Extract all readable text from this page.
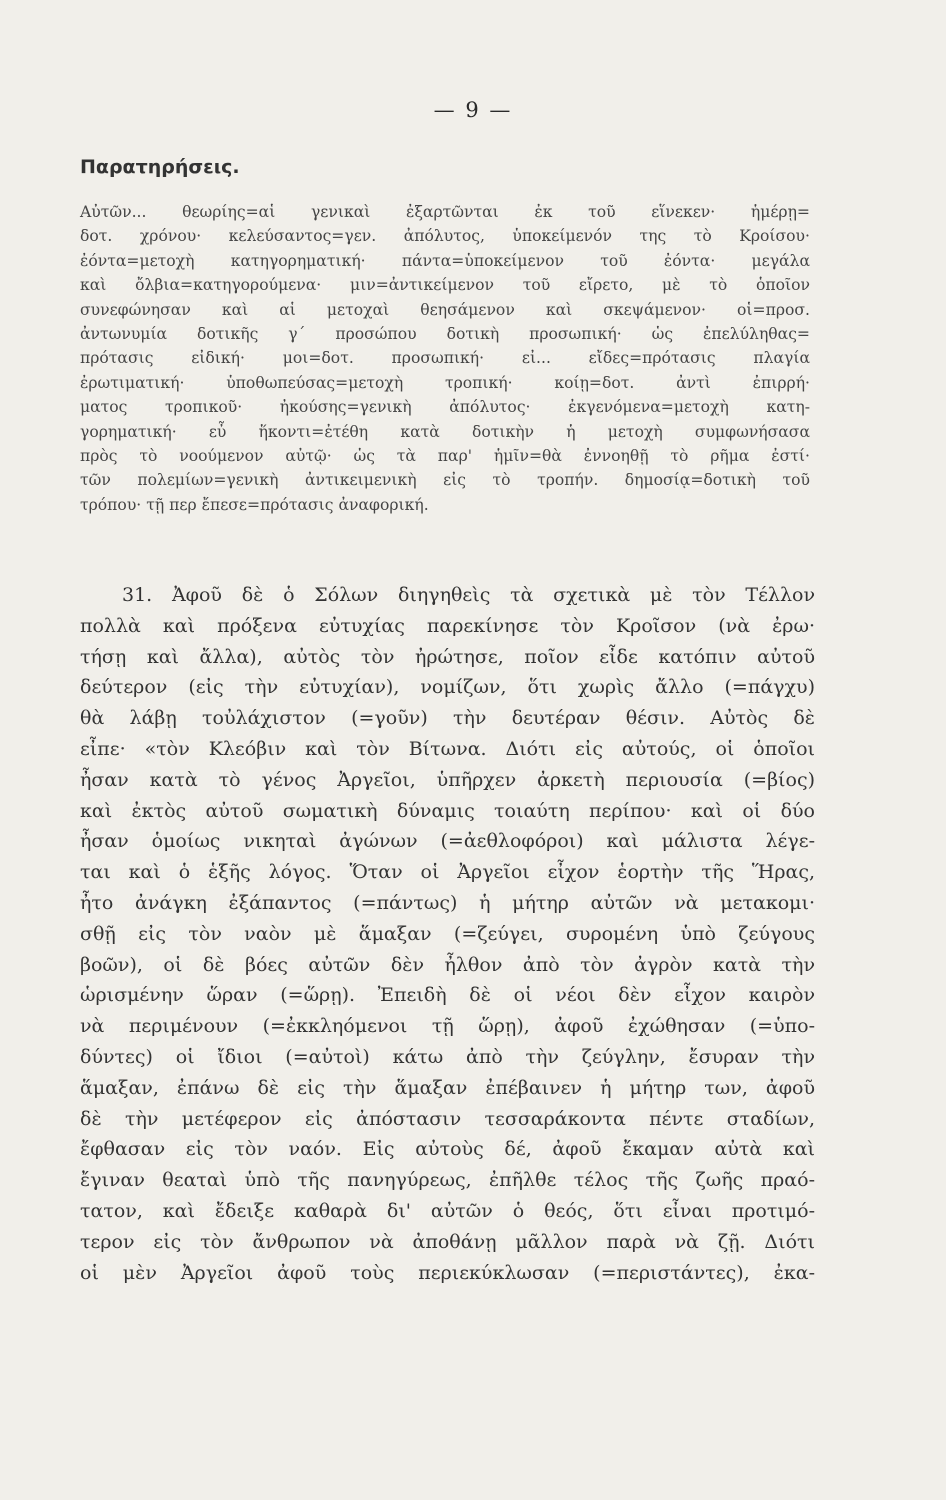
— 9 —
Παρατηρήσεις.
Αὐτῶν... θεωρίης=αἱ γενικαὶ ἐξαρτῶνται ἐκ τοῦ εἵνεκεν· ἡμέρῃ=
δοτ. χρόνου· κελεύσαντος=γεν. ἀπόλυτος, ὑποκείμενόν της τὸ Κροίσου·
ἐόντα=μετοχὴ κατηγορηματική· πάντα=ὑποκείμενον τοῦ ἐόντα· μεγάλα
καὶ ὄλβια=κατηγορούμενα· μιν=ἀντικείμενον τοῦ εἴρετο, μὲ τὸ ὁποῖον
συνεφώνησαν καὶ αἱ μετοχαὶ θεησάμενον καὶ σκεψάμενον· οἱ=προσ.
ἀντωνυμία δοτικῆς γ΄ προσώπου δοτικὴ προσωπική· ὡς ἐπελύληθας=
πρότασις εἰδική· μοι=δοτ. προσωπική· εἰ... εἴδες=πρότασις πλαγία
ἐρωτιματική· ὑποθωπεύσας=μετοχὴ τροπική· κοίῃ=δοτ. ἀντὶ ἐπιρρή·
ματος τροπικοῦ· ἠκούσης=γενικὴ ἀπόλυτος· ἐκγενόμενα=μετοχὴ κατη-
γορηματική· εὖ ἥκοντι=ἐτέθη κατὰ δοτικὴν ἡ μετοχὴ συμφωνήσασα
πρὸς τὸ νοούμενον αὐτῷ· ὡς τὰ παρ' ἡμῖν=θὰ ἐννοηθῇ τὸ ρῆμα ἐστί·
τῶν πολεμίων=γενικὴ ἀντικειμενικὴ εἰς τὸ τροπήν. δημοσίᾳ=δοτικὴ τοῦ
τρόπου· τῇ περ ἔπεσε=πρότασις ἀναφορική.
31. Ἀφοῦ δὲ ὁ Σόλων διηγηθεὶς τὰ σχετικὰ μὲ τὸν Τέλλον
πολλὰ καὶ πρόξενα εὐτυχίας παρεκίνησε τὸν Κροῖσον (νὰ ἐρω·
τήσῃ καὶ ἄλλα), αὐτὸς τὸν ἠρώτησε, ποῖον εἶδε κατόπιν αὐτοῦ
δεύτερον (εἰς τὴν εὐτυχίαν), νομίζων, ὅτι χωρὶς ἄλλο (=πάγχυ)
θὰ λάβῃ τοὐλάχιστον (=γοῦν) τὴν δευτέραν θέσιν. Αὐτὸς δὲ
εἶπε· «τὸν Κλεόβιν καὶ τὸν Βίτωνα. Διότι εἰς αὐτούς, οἱ ὁποῖοι
ἦσαν κατὰ τὸ γένος Ἀργεῖοι, ὑπῆρχεν ἀρκετὴ περιουσία (=βίος)
καὶ ἐκτὸς αὐτοῦ σωματικὴ δύναμις τοιαύτη περίπου· καὶ οἱ δύο
ἦσαν ὁμοίως νικηταὶ ἀγώνων (=ἀεθλοφόροι) καὶ μάλιστα λέγε-
ται καὶ ὁ ἑξῆς λόγος. Ὅταν οἱ Ἀργεῖοι εἶχον ἑορτὴν τῆς Ἥρας,
ἦτο ἀνάγκη ἐξάπαντος (=πάντως) ἡ μήτηρ αὐτῶν νὰ μετακομι·
σθῇ εἰς τὸν ναὸν μὲ ἅμαξαν (=ζεύγει, συρομένη ὑπὸ ζεύγους
βοῶν), οἱ δὲ βόες αὐτῶν δὲν ἦλθον ἀπὸ τὸν ἀγρὸν κατὰ τὴν
ὡρισμένην ὥραν (=ὥρῃ). Ἐπειδὴ δὲ οἱ νέοι δὲν εἶχον καιρὸν
νὰ περιμένουν (=ἐκκληόμενοι τῇ ὥρῃ), ἀφοῦ ἐχώθησαν (=ὑπο-
δύντες) οἱ ἴδιοι (=αὐτοὶ) κάτω ἀπὸ τὴν ζεύγλην, ἔσυραν τὴν
ἅμαξαν, ἐπάνω δὲ εἰς τὴν ἅμαξαν ἐπέβαινεν ἡ μήτηρ των, ἀφοῦ
δὲ τὴν μετέφερον εἰς ἀπόστασιν τεσσαράκοντα πέντε σταδίων,
ἔφθασαν εἰς τὸν ναόν. Εἰς αὐτοὺς δέ, ἀφοῦ ἔκαμαν αὐτὰ καὶ
ἔγιναν θεαταὶ ὑπὸ τῆς πανηγύρεως, ἐπῆλθε τέλος τῆς ζωῆς πραό-
τατον, καὶ ἔδειξε καθαρὰ δι' αὐτῶν ὁ θεός, ὅτι εἶναι προτιμό-
τερον εἰς τὸν ἄνθρωπον νὰ ἀποθάνῃ μᾶλλον παρὰ νὰ ζῇ. Διότι
οἱ μὲν Ἀργεῖοι ἀφοῦ τοὺς περιεκύκλωσαν (=περιστάντες), ἐκα-
